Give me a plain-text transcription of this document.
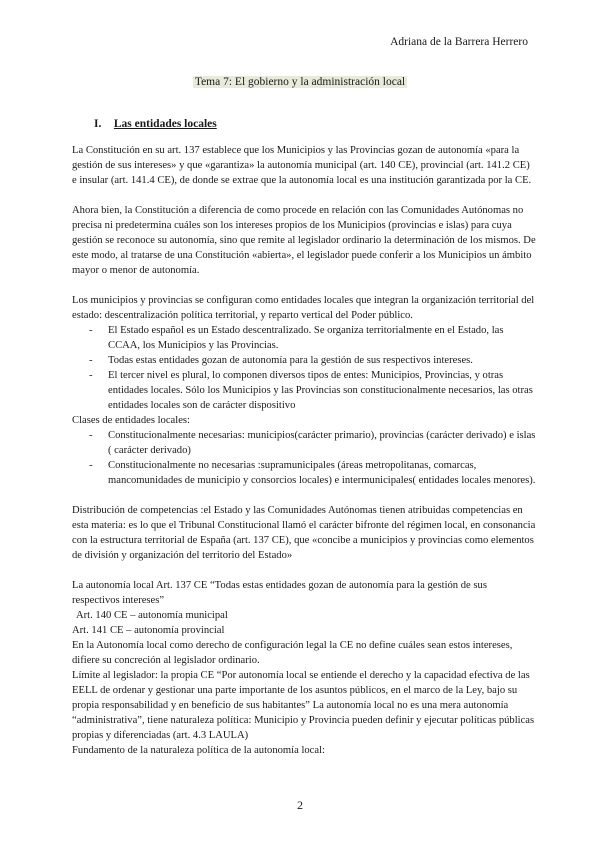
Adriana de la Barrera Herrero
Tema 7: El gobierno y la administración local
I. Las entidades locales

La Constitución en su art. 137 establece que los Municipios y las Provincias gozan de autonomía «para la gestión de sus intereses» y que «garantiza» la autonomía municipal (art. 140 CE), provincial (art. 141.2 CE) e insular (art. 141.4 CE), de donde se extrae que la autonomía local es una institución garantizada por la CE.

Ahora bien, la Constitución a diferencia de como procede en relación con las Comunidades Autónomas no precisa ni predetermina cuáles son los intereses propios de los Municipios (provincias e islas) para cuya gestión se reconoce su autonomía, sino que remite al legislador ordinario la determinación de los mismos. De este modo, al tratarse de una Constitución «abierta», el legislador puede conferir a los Municipios un ámbito mayor o menor de autonomía.

Los municipios y provincias se configuran como entidades locales que integran la organización territorial del estado: descentralización política territorial, y reparto vertical del Poder público.

- El Estado español es un Estado descentralizado. Se organiza territorialmente en el Estado, las CCAA, los Municipios y las Provincias.
- Todas estas entidades gozan de autonomía para la gestión de sus respectivos intereses.
- El tercer nivel es plural, lo componen diversos tipos de entes: Municipios, Provincias, y otras entidades locales. Sólo los Municipios y las Provincias son constitucionalmente necesarios, las otras entidades locales son de carácter dispositivo

Clases de entidades locales:

- Constitucionalmente necesarias: municipios(carácter primario), provincias (carácter derivado) e islas ( carácter derivado)
- Constitucionalmente no necesarias :supramunicipales (áreas metropolitanas, comarcas, mancomunidades de municipio y consorcios locales) e intermunicipales( entidades locales menores).

Distribución de competencias :el Estado y las Comunidades Autónomas tienen atribuidas competencias en esta materia: es lo que el Tribunal Constitucional llamó el carácter bifronte del régimen local, en consonancia con la estructura territorial de España (art. 137 CE), que «concibe a municipios y provincias como elementos de división y organización del territorio del Estado»

La autonomía local Art. 137 CE “Todas estas entidades gozan de autonomía para la gestión de sus respectivos intereses”

Art. 140 CE – autonomía municipal

Art. 141 CE – autonomía provincial

En la Autonomía local como derecho de configuración legal la CE no define cuáles sean estos intereses, difiere su concreción al legislador ordinario.

Límite al legislador: la propia CE “Por autonomía local se entiende el derecho y la capacidad efectiva de las EELL de ordenar y gestionar una parte importante de los asuntos públicos, en el marco de la Ley, bajo su propia responsabilidad y en beneficio de sus habitantes” La autonomía local no es una mera autonomía “administrativa”, tiene naturaleza política: Municipio y Provincia pueden definir y ejecutar políticas públicas propias y diferenciadas (art. 4.3 LAULA)

Fundamento de la naturaleza política de la autonomía local:

2
